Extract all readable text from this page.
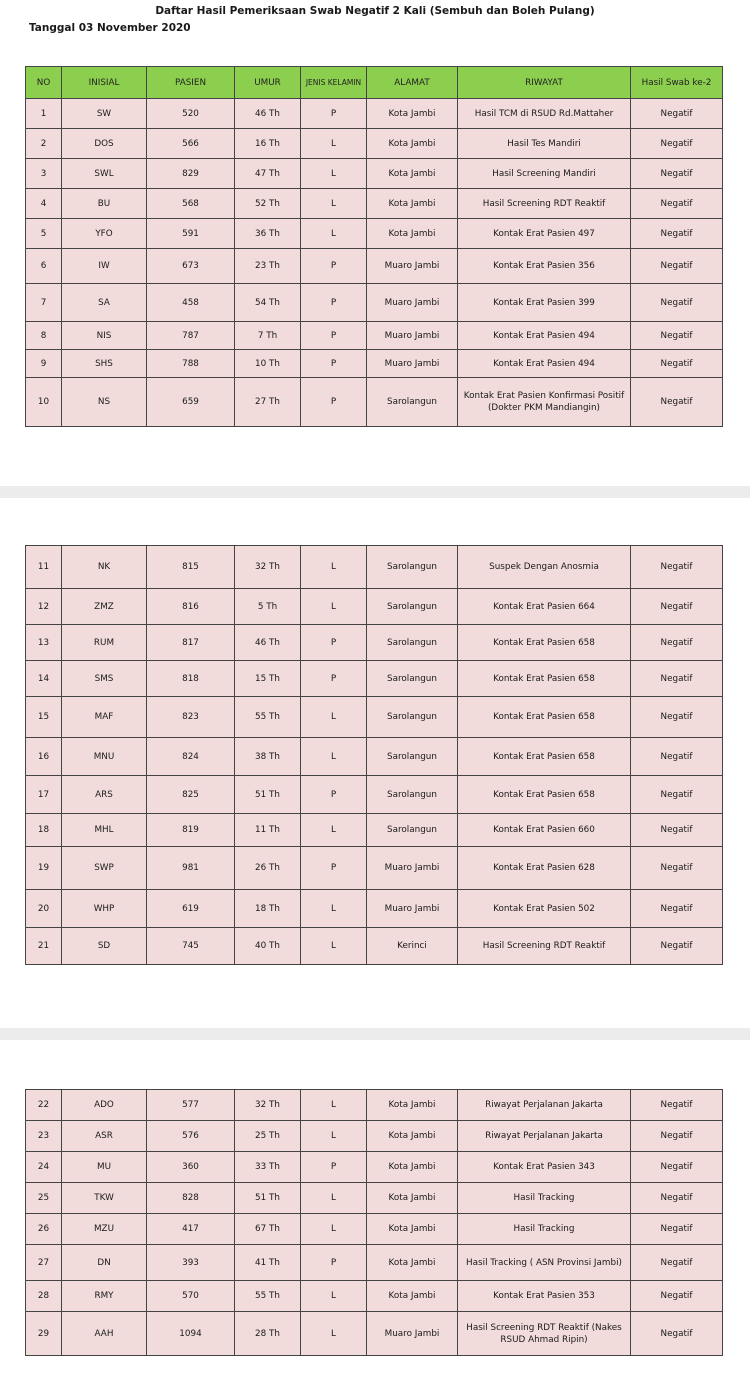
Daftar Hasil Pemeriksaan Swab Negatif 2 Kali (Sembuh dan Boleh Pulang)
Tanggal 03 November 2020
NO	INISIAL	PASIEN	UMUR	JENIS KELAMIN	ALAMAT	RIWAYAT	Hasil Swab ke-2
1	SW	520	46 Th	P	Kota Jambi	Hasil TCM di RSUD Rd.Mattaher	Negatif
2	DOS	566	16 Th	L	Kota Jambi	Hasil Tes Mandiri	Negatif
3	SWL	829	47 Th	L	Kota Jambi	Hasil Screening Mandiri	Negatif
4	BU	568	52 Th	L	Kota Jambi	Hasil Screening RDT Reaktif	Negatif
5	YFO	591	36 Th	L	Kota Jambi	Kontak Erat Pasien 497	Negatif
6	IW	673	23 Th	P	Muaro Jambi	Kontak Erat Pasien 356	Negatif
7	SA	458	54 Th	P	Muaro Jambi	Kontak Erat Pasien 399	Negatif
8	NIS	787	7 Th	P	Muaro Jambi	Kontak Erat Pasien 494	Negatif
9	SHS	788	10 Th	P	Muaro Jambi	Kontak Erat Pasien 494	Negatif
10	NS	659	27 Th	P	Sarolangun	Kontak Erat Pasien Konfirmasi Positif (Dokter PKM Mandiangin)	Negatif
11	NK	815	32 Th	L	Sarolangun	Suspek Dengan Anosmia	Negatif
12	ZMZ	816	5 Th	L	Sarolangun	Kontak Erat Pasien 664	Negatif
13	RUM	817	46 Th	P	Sarolangun	Kontak Erat Pasien 658	Negatif
14	SMS	818	15 Th	P	Sarolangun	Kontak Erat Pasien 658	Negatif
15	MAF	823	55 Th	L	Sarolangun	Kontak Erat Pasien 658	Negatif
16	MNU	824	38 Th	L	Sarolangun	Kontak Erat Pasien 658	Negatif
17	ARS	825	51 Th	P	Sarolangun	Kontak Erat Pasien 658	Negatif
18	MHL	819	11 Th	L	Sarolangun	Kontak Erat Pasien 660	Negatif
19	SWP	981	26 Th	P	Muaro Jambi	Kontak Erat Pasien 628	Negatif
20	WHP	619	18 Th	L	Muaro Jambi	Kontak Erat Pasien 502	Negatif
21	SD	745	40 Th	L	Kerinci	Hasil Screening RDT Reaktif	Negatif
22	ADO	577	32 Th	L	Kota Jambi	Riwayat Perjalanan Jakarta	Negatif
23	ASR	576	25 Th	L	Kota Jambi	Riwayat Perjalanan Jakarta	Negatif
24	MU	360	33 Th	P	Kota Jambi	Kontak Erat Pasien 343	Negatif
25	TKW	828	51 Th	L	Kota Jambi	Hasil Tracking	Negatif
26	MZU	417	67 Th	L	Kota Jambi	Hasil Tracking	Negatif
27	DN	393	41 Th	P	Kota Jambi	Hasil Tracking ( ASN Provinsi Jambi)	Negatif
28	RMY	570	55 Th	L	Kota Jambi	Kontak Erat Pasien 353	Negatif
29	AAH	1094	28 Th	L	Muaro Jambi	Hasil Screening RDT Reaktif (Nakes RSUD Ahmad Ripin)	Negatif
